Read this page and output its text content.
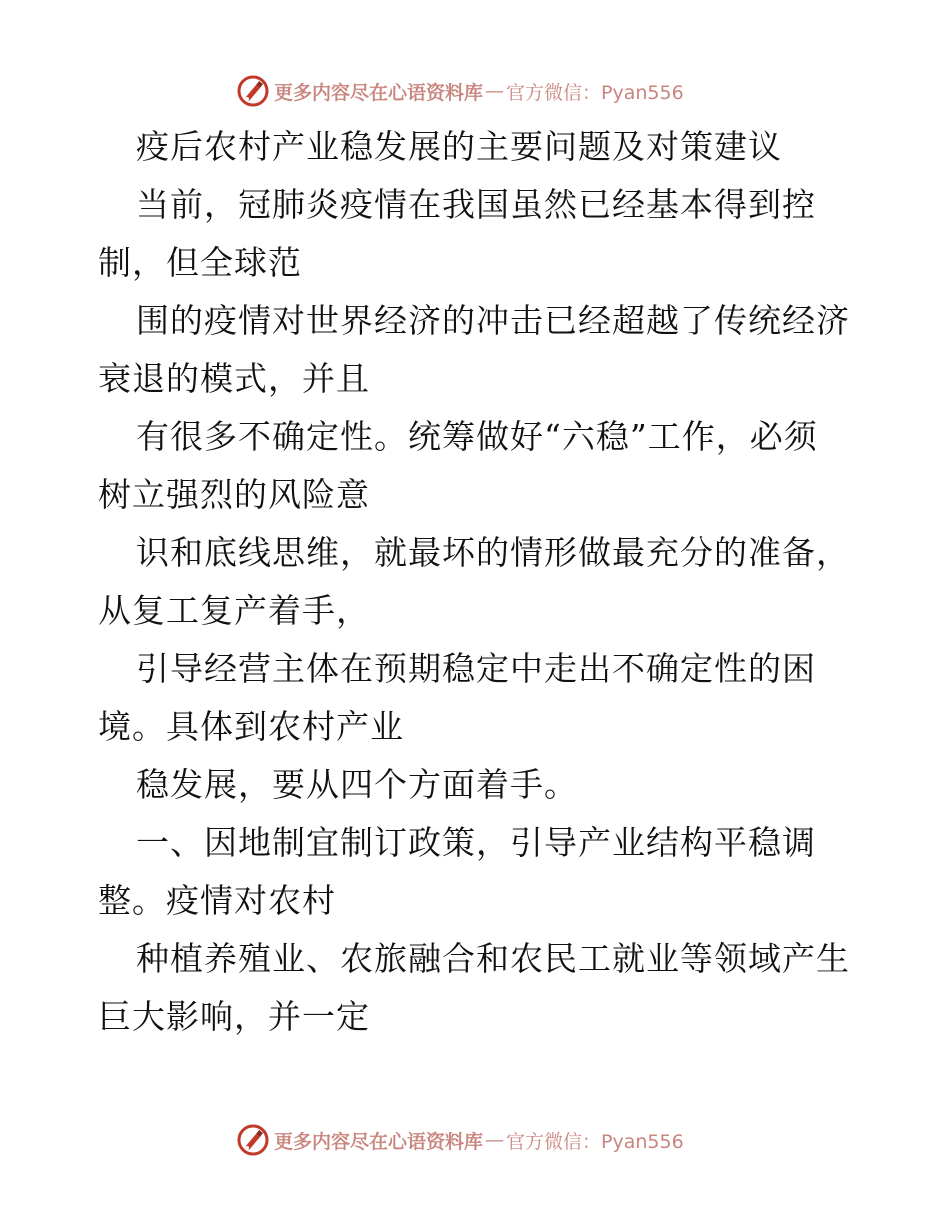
更多内容尽在心语资料库 — 官方微信：Pyan556
疫后农村产业稳发展的主要问题及对策建议
当前，冠肺炎疫情在我国虽然已经基本得到控
制，但全球范
围的疫情对世界经济的冲击已经超越了传统经济
衰退的模式，并且
有很多不确定性。统筹做好“六稳”工作，必须
树立强烈的风险意
识和底线思维，就最坏的情形做最充分的准备，
从复工复产着手，
引导经营主体在预期稳定中走出不确定性的困
境。具体到农村产业
稳发展，要从四个方面着手。
一、因地制宜制订政策，引导产业结构平稳调
整。疫情对农村
种植养殖业、农旅融合和农民工就业等领域产生
巨大影响，并一定
更多内容尽在心语资料库 — 官方微信：Pyan556
